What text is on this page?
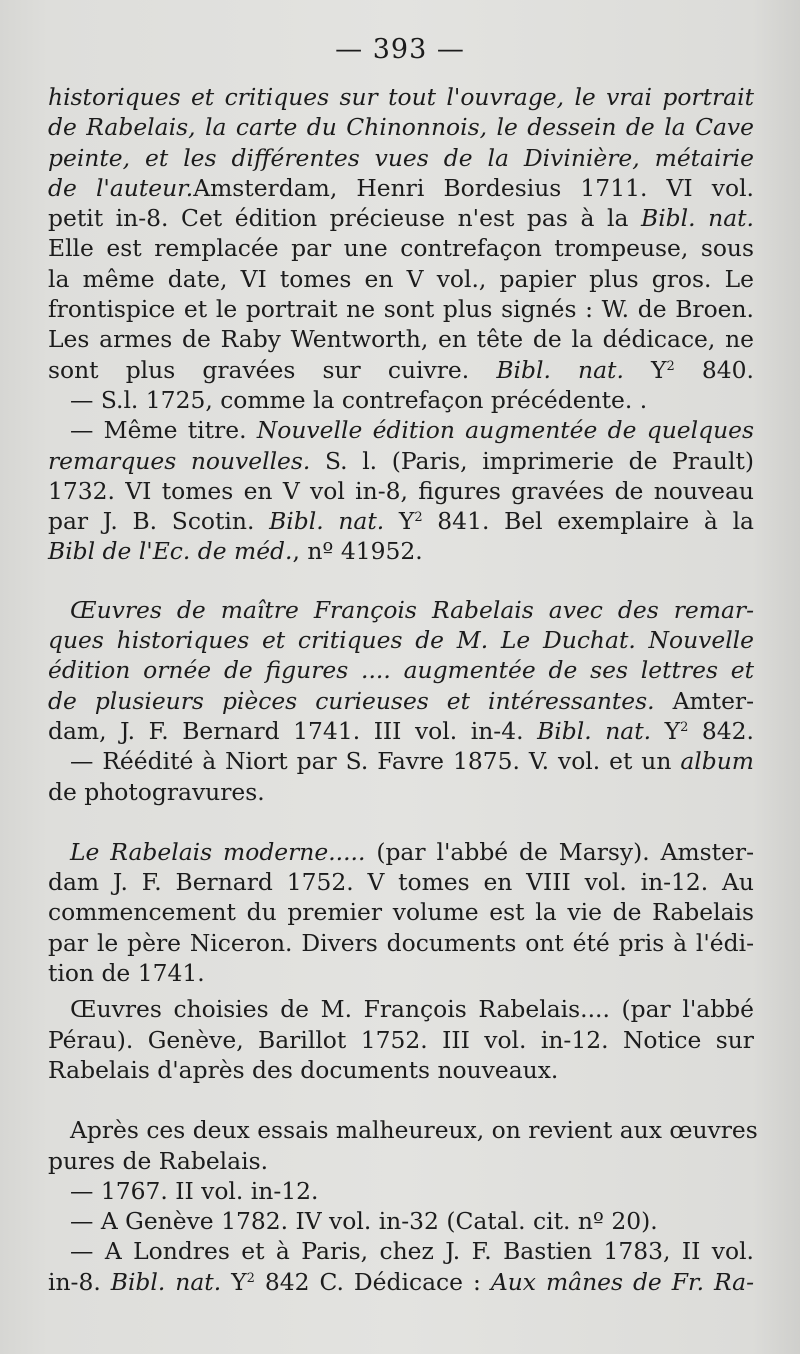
— 393 —
historiques et critiques sur tout l'ouvrage, le vrai portrait
de Rabelais, la carte du Chinonnois, le dessein de la Cave
peinte, et les différentes vues de la Divinière, métairie
de l'auteur.Amsterdam, Henri Bordesius 1711. VI vol.
petit in-8. Cet édition précieuse n'est pas à la Bibl. nat.
Elle est remplacée par une contrefaçon trompeuse, sous
la même date, VI tomes en V vol., papier plus gros. Le
frontispice et le portrait ne sont plus signés : W. de Broen.
Les armes de Raby Wentworth, en tête de la dédicace, ne
sont plus gravées sur cuivre. Bibl. nat. $Y^2$ 840.
— S.l. 1725, comme la contrefaçon précédente. .
— Même titre. Nouvelle édition augmentée de quelques
remarques nouvelles. S. l. (Paris, imprimerie de Prault)
1732. VI tomes en V vol in-8, figures gravées de nouveau
par J. B. Scotin. Bibl. nat. $Y^2$ 841. Bel exemplaire à la
Bibl de l'Ec. de méd., nº 41952.
Œuvres de maître François Rabelais avec des remar-
ques historiques et critiques de M. Le Duchat. Nouvelle
édition ornée de figures .... augmentée de ses lettres et
de plusieurs pièces curieuses et intéressantes. Amter-
dam, J. F. Bernard 1741. III vol. in-4. Bibl. nat. $Y^2$ 842.
— Réédité à Niort par S. Favre 1875. V. vol. et un album
de photogravures.
Le Rabelais moderne..... (par l'abbé de Marsy). Amster-
dam J. F. Bernard 1752. V tomes en VIII vol. in-12. Au
commencement du premier volume est la vie de Rabelais
par le père Niceron. Divers documents ont été pris à l'édi-
tion de 1741.
Œuvres choisies de M. François Rabelais.... (par l'abbé
Pérau). Genève, Barillot 1752. III vol. in-12. Notice sur
Rabelais d'après des documents nouveaux.
Après ces deux essais malheureux, on revient aux œuvres
pures de Rabelais.
— 1767. II vol. in-12.
— A Genève 1782. IV vol. in-32 (Catal. cit. nº 20).
— A Londres et à Paris, chez J. F. Bastien 1783, II vol.
in-8. Bibl. nat. $Y^2$ 842 C. Dédicace : Aux mânes de Fr. Ra-
